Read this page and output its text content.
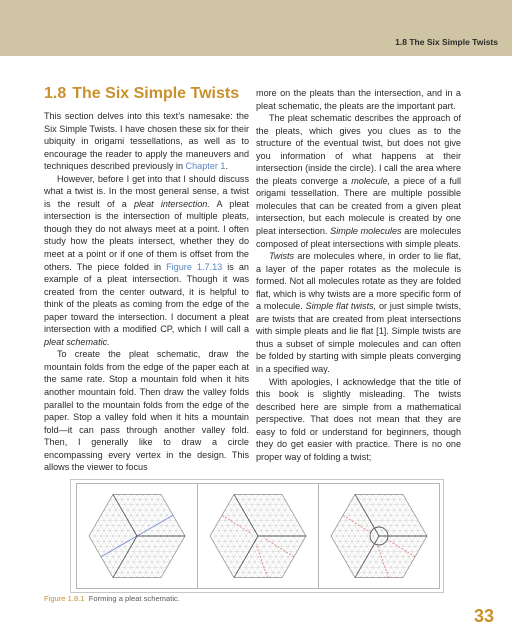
1.8 The Six Simple Twists
1.8 The Six Simple Twists

This section delves into this text’s namesake: the Six Simple Twists. I have chosen these six for their ubiquity in origami tessellations, as well as to encourage the reader to apply the maneuvers and techniques described previously in Chapter 1.

However, before I get into that I should discuss what a twist is. In the most general sense, a twist is the result of a pleat intersection. A pleat intersection is the intersection of multiple pleats, though they do not always meet at a point. I often study how the pleats intersect, whether they do meet at a point or if one of them is offset from the others. The piece folded in Figure 1.7.13 is an example of a pleat intersection. Though it was created from the center outward, it is helpful to think of the pleats as coming from the edge of the paper toward the intersection. I document a pleat intersection with a modified CP, which I will call a pleat schematic.

To create the pleat schematic, draw the mountain folds from the edge of the paper each at the same rate. Stop a mountain fold when it hits another mountain fold. Then draw the valley folds parallel to the mountain folds from the edge of the paper. Stop a valley fold when it hits a mountain fold—it can pass through another valley fold. Then, I generally like to draw a circle encompassing every vertex in the design. This allows the viewer to focus

more on the pleats than the intersection, and in a pleat schematic, the pleats are the important part.

The pleat schematic describes the approach of the pleats, which gives you clues as to the structure of the eventual twist, but does not give you information of what happens at their intersection (inside the circle). I call the area where the pleats converge a molecule, a piece of a full origami tessellation. There are multiple possible molecules that can be created from a given pleat intersection, but each molecule is created by one pleat intersection. Simple molecules are molecules composed of pleat intersections with simple pleats.

Twists are molecules where, in order to lie flat, a layer of the paper rotates as the molecule is formed. Not all molecules rotate as they are folded flat, which is why twists are a more specific form of a molecule. Simple flat twists, or just simple twists, are twists that are created from pleat intersections with simple pleats and lie flat [1]. Simple twists are thus a subset of simple molecules and can often be folded by starting with simple pleats converging in a specified way.

With apologies, I acknowledge that the title of this book is slightly misleading. The twists described here are simple from a mathematical perspective. That does not mean that they are easy to fold or understand for beginners, though they do get easier with practice. There is no one proper way of folding a twist;

Figure 1.8.1 Forming a pleat schematic.
33
